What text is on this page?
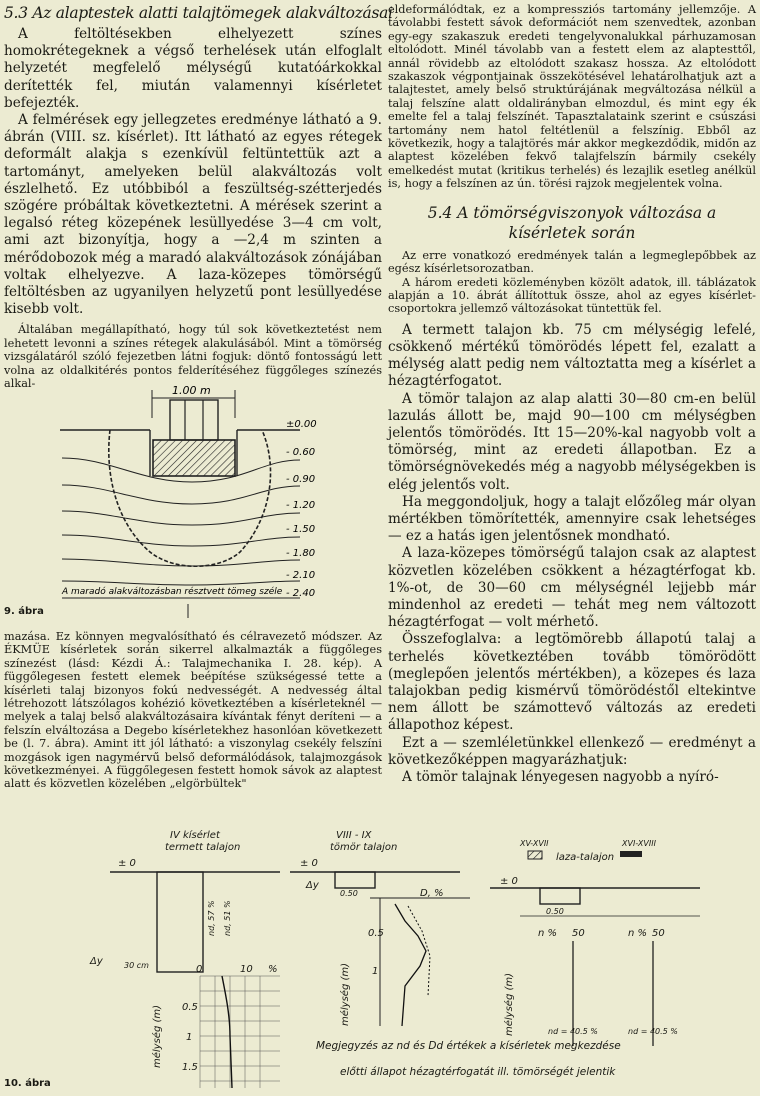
5.3 Az alaptestek alatti talajtömegek alakváltozásai

A feltöltésekben elhelyezett színes homokrétegeknek a végső terhelések után elfoglalt helyzetét megfelelő mélységű kutatóárkokkal derítették fel, miután valamennyi kísérletet befejezték.

A felmérések egy jellegzetes eredménye látható a 9. ábrán (VIII. sz. kísérlet). Itt látható az egyes rétegek deformált alakja s ezenkívül feltüntettük azt a tartományt, amelyeken belül alakváltozás volt észlelhető. Ez utóbbiból a feszültség-szétterjedés szögére próbáltak következtetni. A mérések szerint a legalsó réteg közepének lesüllyedése 3—4 cm volt, ami azt bizonyítja, hogy a —2,4 m szinten a mérődobozok még a maradó alakváltozások zónájában voltak elhelyezve. A laza-közepes tömörségű feltöltésben az ugyanilyen helyzetű pont lesüllyedése kisebb volt.

Általában megállapítható, hogy túl sok következtetést nem lehetett levonni a színes rétegek alakulásából. Mint a tömörség vizsgálatáról szóló fejezetben látni fogjuk: döntő fontosságú lett volna az oldalkitérés pontos felderítéséhez függőleges színezés alkal-

1.00 m
±0.00
- 0.60
- 0.90
- 1.20
- 1.50
- 1.80
- 2.10
- 2.40
A maradó alakváltozásban résztvett tömeg széle
9. ábra

mazása. Ez könnyen megvalósítható és célravezető módszer. Az ÉKMÜE kísérletek során sikerrel alkalmazták a függőleges színezést (lásd: Kézdi Á.: Talajmechanika I. 28. kép). A függőlegesen festett elemek beépítése szükségessé tette a kísérleti talaj bizonyos fokú nedvességét. A nedvesség által létrehozott látszólagos kohézió következtében a kísérleteknél — melyek a talaj belső alakváltozásaira kívántak fényt deríteni — a felszín elváltozása a Degebo kísérletekhez hasonlóan következett be (l. 7. ábra). Amint itt jól látható: a viszonylag csekély felszíni mozgások igen nagymérvű belső deformálódások, talajmozgások következményei. A függőlegesen festett homok sávok az alaptest alatt és közvetlen közelében „elgörbültek"

eldeformálódtak, ez a kompressziós tartomány jellemzője. A távolabbi festett sávok deformációt nem szenvedtek, azonban egy-egy szakaszuk eredeti tengelyvonalukkal párhuzamosan eltolódott. Minél távolabb van a festett elem az alaptesttől, annál rövidebb az eltolódott szakasz hossza. Az eltolódott szakaszok végpontjainak összekötésével lehatárolhatjuk azt a talajtestet, amely belső struktúrájának megváltozása nélkül a talaj felszíne alatt oldalirányban elmozdul, és mint egy ék emelte fel a talaj felszínét. Tapasztalataink szerint e csúszási tartomány nem hatol feltétlenül a felszínig. Ebből az következik, hogy a talajtörés már akkor megkezdődik, midőn az alaptest közelében fekvő talajfelszín bármily csekély emelkedést mutat (kritikus terhelés) és lezajlik esetleg anélkül is, hogy a felszínen az ún. törési rajzok megjelentek volna.

5.4 A tömörségviszonyok változása a kísérletek során

Az erre vonatkozó eredmények talán a legmeglepőbbek az egész kísérletsorozatban.

A három eredeti közleményben közölt adatok, ill. táblázatok alapján a 10. ábrát állítottuk össze, ahol az egyes kísérlet-csoportokra jellemző változásokat tüntettük fel.

A termett talajon kb. 75 cm mélységig lefelé, csökkenő mértékű tömörödés lépett fel, ezalatt a mélység alatt pedig nem változtatta meg a kísérlet a hézagtérfogatot.

A tömör talajon az alap alatti 30—80 cm-en belül lazulás állott be, majd 90—100 cm mélységben jelentős tömörödés. Itt 15—20%-kal nagyobb volt a tömörség, mint az eredeti állapotban. Ez a tömörségnövekedés még a nagyobb mélységekben is elég jelentős volt.

Ha meggondoljuk, hogy a talajt előzőleg már olyan mértékben tömörítették, amennyire csak lehetséges — ez a hatás igen jelentősnek mondható.

A laza-közepes tömörségű talajon csak az alaptest közvetlen közelében csökkent a hézagtérfogat kb. 1%-ot, de 30—60 cm mélységnél lejjebb már mindenhol az eredeti — tehát meg nem változott hézagtérfogat — volt mérhető.

Összefoglalva: a legtömörebb állapotú talaj a terhelés következtében tovább tömörödött (meglepően jelentős mértékben), a közepes és laza talajokban pedig kismérvű tömörödéstől eltekintve nem állott be számottevő változás az eredeti állapothoz képest.

Ezt a — szemléletünkkel ellenkező — eredményt a következőképpen magyarázhatjuk:

A tömör talajnak lényegesen nagyobb a nyíró-

IV kísérlet
termett talajon
± 0
Δy	30 cm
nd, 57 % nd, 51 %
0	10 %
mélység (m) 0.5
1
1.5
VIII - IX
tömör talajon
± 0
Δy
0.50	D, %
mélység (m)
0.5
1
XV-XVII
laza-talajon
XVI-XVIII
± 0
0.50
n % 50	n % 50
mélység (m)	nd = 40.5 %	nd = 40.5 %
Megjegyzés az nd és Dd értékek a kísérletek megkezdése
előtti állapot hézagtérfogatát ill. tömörségét jelentik
10. ábra
